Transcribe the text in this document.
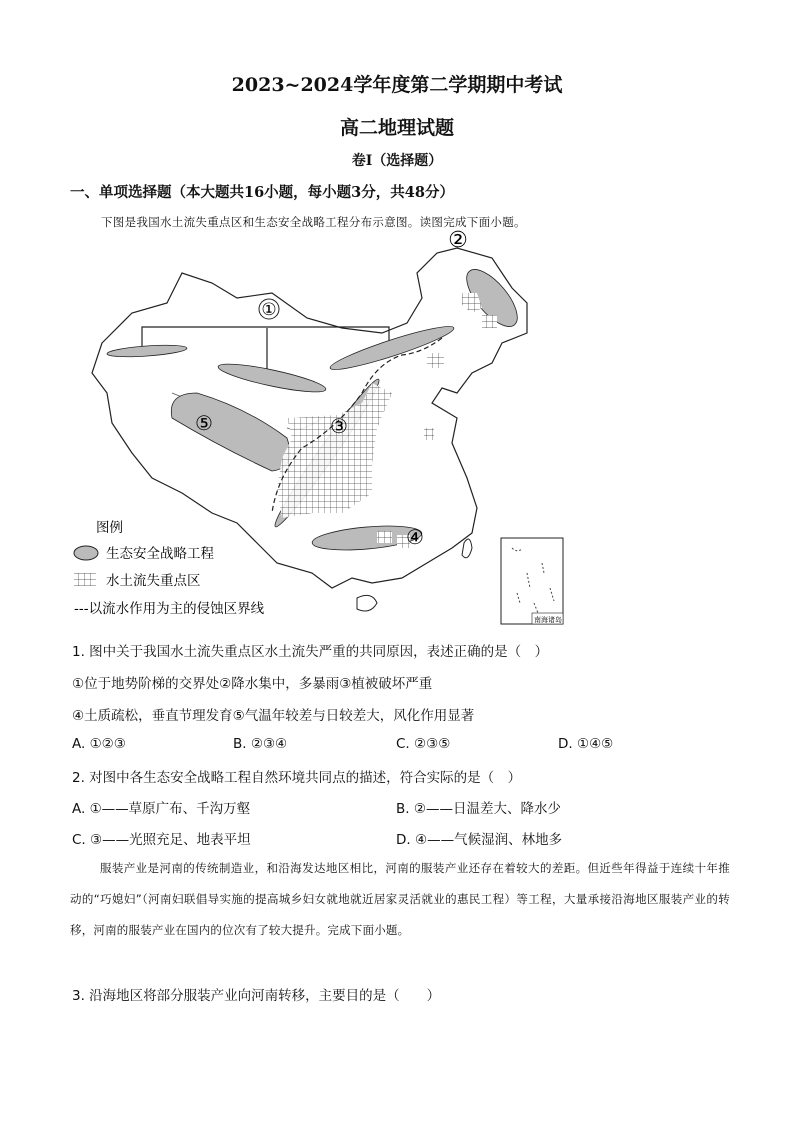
2023~2024学年度第二学期期中考试
高二地理试题
卷I（选择题）
一、单项选择题（本大题共16小题，每小题3分，共48分）
下图是我国水土流失重点区和生态安全战略工程分布示意图。读图完成下面小题。
①
②
③
④
⑤
图例
生态安全战略工程
水土流失重点区
---以流水作用为主的侵蚀区界线
南海诸岛
1. 图中关于我国水土流失重点区水土流失严重的共同原因，表述正确的是（　）
①位于地势阶梯的交界处②降水集中，多暴雨③植被破坏严重
④土质疏松，垂直节理发育⑤气温年较差与日较差大，风化作用显著
A. ①②③	B. ②③④	C. ②③⑤	D. ①④⑤
2. 对图中各生态安全战略工程自然环境共同点的描述，符合实际的是（　）
A. ①——草原广布、千沟万壑	B. ②——日温差大、降水少
C. ③——光照充足、地表平坦	D. ④——气候湿润、林地多
服装产业是河南的传统制造业，和沿海发达地区相比，河南的服装产业还存在着较大的差距。但近些年得益于连续十年推动的“巧媳妇”（河南妇联倡导实施的提高城乡妇女就地就近居家灵活就业的惠民工程）等工程，大量承接沿海地区服装产业的转移，河南的服装产业在国内的位次有了较大提升。完成下面小题。
3. 沿海地区将部分服装产业向河南转移，主要目的是（　　）
